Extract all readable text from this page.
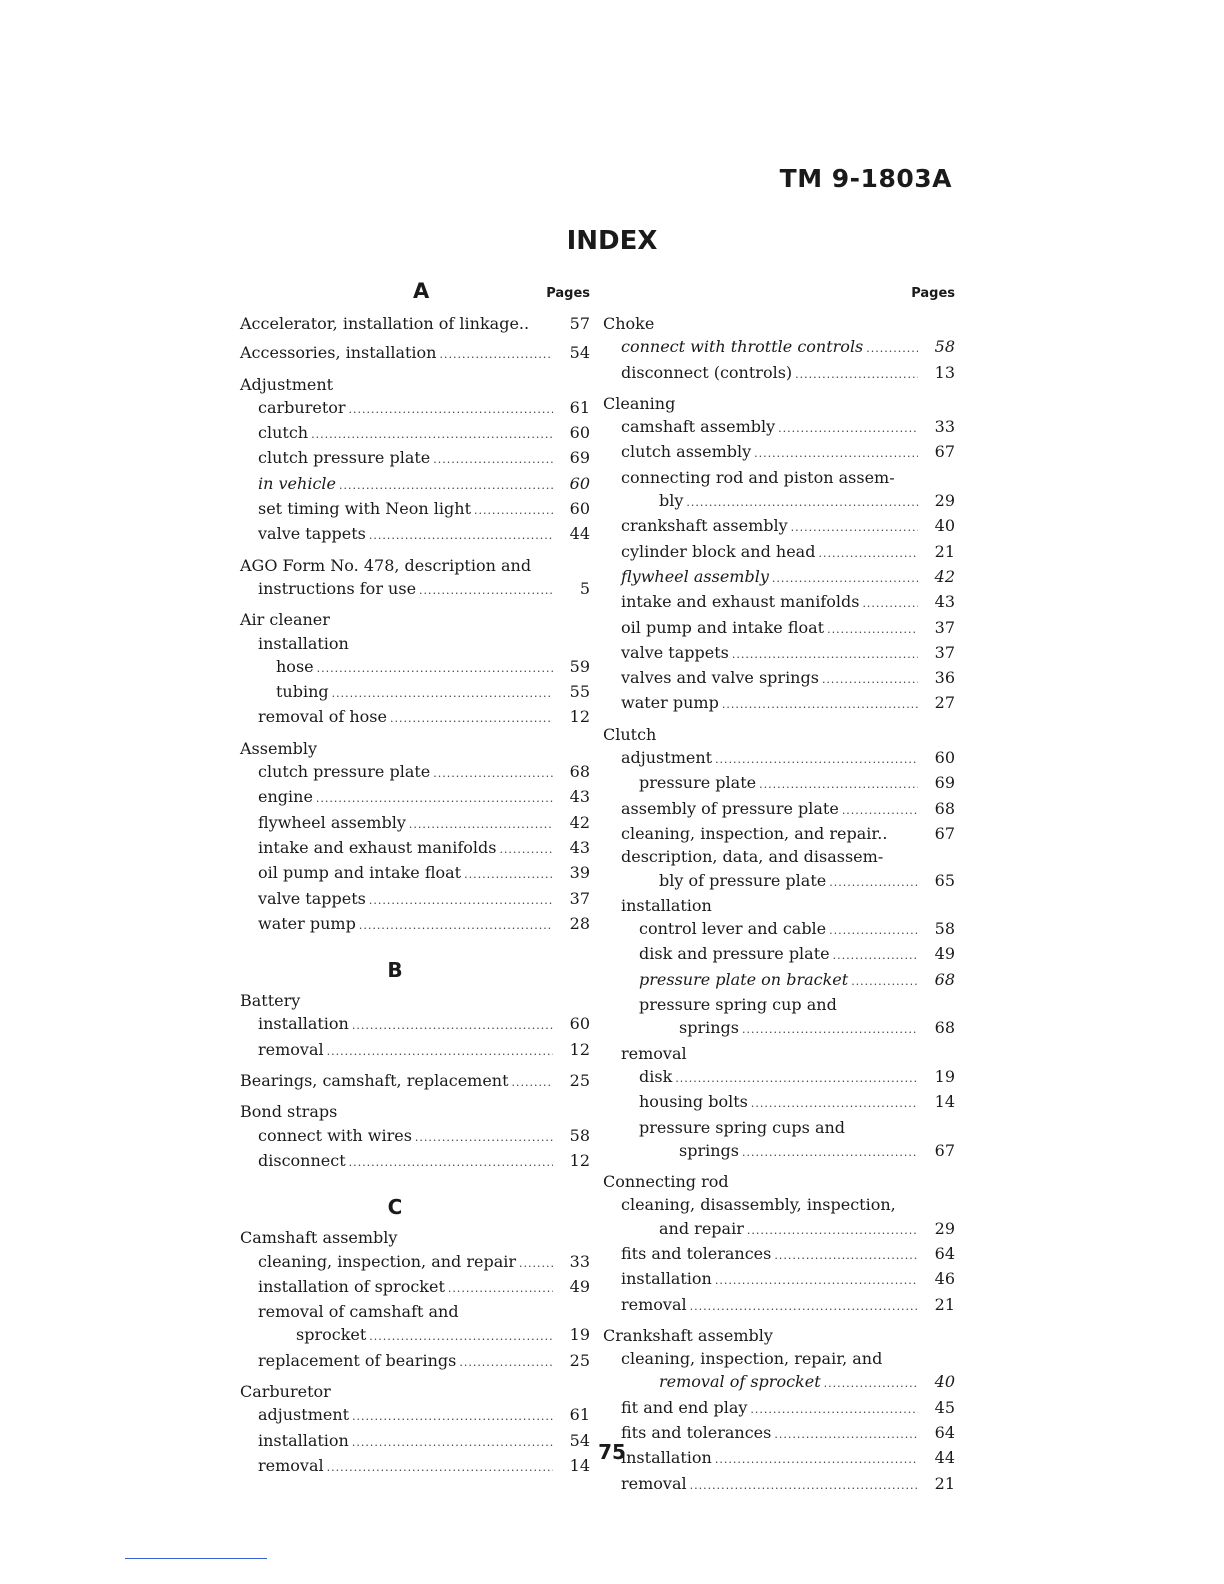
TM 9-1803A
INDEX
A	Pages
Accelerator, installation of linkage..	57
Accessories, installation .....	54
Adjustment
carburetor .....	61
clutch .....	60
clutch pressure plate .....	69
in vehicle .....	60
set timing with Neon light .....	60
valve tappets .....	44
AGO Form No. 478, description and
instructions for use .....	5
Air cleaner
installation
hose .....	59
tubing .....	55
removal of hose .....	12
Assembly
clutch pressure plate .....	68
engine .....	43
flywheel assembly .....	42
intake and exhaust manifolds .....	43
oil pump and intake float .....	39
valve tappets .....	37
water pump .....	28
B
Battery
installation .....	60
removal .....	12
Bearings, camshaft, replacement .....	25
Bond straps
connect with wires .....	58
disconnect .....	12
C
Camshaft assembly
cleaning, inspection, and repair .....	33
installation of sprocket .....	49
removal of camshaft and
sprocket .....	19
replacement of bearings .....	25
Carburetor
adjustment .....	61
installation .....	54
removal .....	14
Pages
Choke
connect with throttle controls .....	58
disconnect (controls) .....	13
Cleaning
camshaft assembly .....	33
clutch assembly .....	67
connecting rod and piston assem-
bly .....	29
crankshaft assembly .....	40
cylinder block and head .....	21
flywheel assembly .....	42
intake and exhaust manifolds .....	43
oil pump and intake float .....	37
valve tappets .....	37
valves and valve springs .....	36
water pump .....	27
Clutch
adjustment .....	60
pressure plate .....	69
assembly of pressure plate .....	68
cleaning, inspection, and repair..	67
description, data, and disassem-
bly of pressure plate .....	65
installation
control lever and cable .....	58
disk and pressure plate .....	49
pressure plate on bracket .....	68
pressure spring cup and
springs .....	68
removal
disk .....	19
housing bolts .....	14
pressure spring cups and
springs .....	67
Connecting rod
cleaning, disassembly, inspection,
and repair .....	29
fits and tolerances .....	64
installation .....	46
removal .....	21
Crankshaft assembly
cleaning, inspection, repair, and
removal of sprocket .....	40
fit and end play .....	45
fits and tolerances .....	64
installation .....	44
removal .....	21
75
